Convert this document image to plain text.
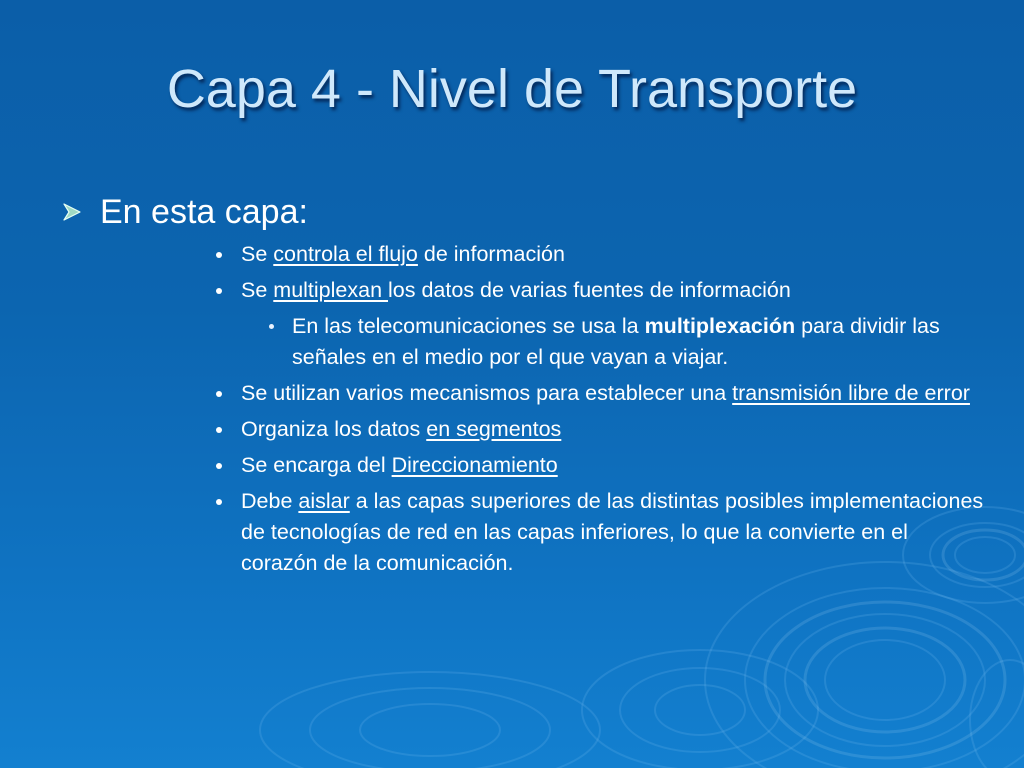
Capa 4 - Nivel de Transporte
En esta capa:
Se controla el flujo de información
Se multiplexan los datos de varias fuentes de información
En las telecomunicaciones se usa la multiplexación para dividir las señales en el medio por el que vayan a viajar.
Se utilizan varios mecanismos para establecer una transmisión libre de error
Organiza los datos en segmentos
Se encarga del Direccionamiento
Debe aislar a las capas superiores de las distintas posibles implementaciones de tecnologías de red en las capas inferiores, lo que la convierte en el corazón de la comunicación.
